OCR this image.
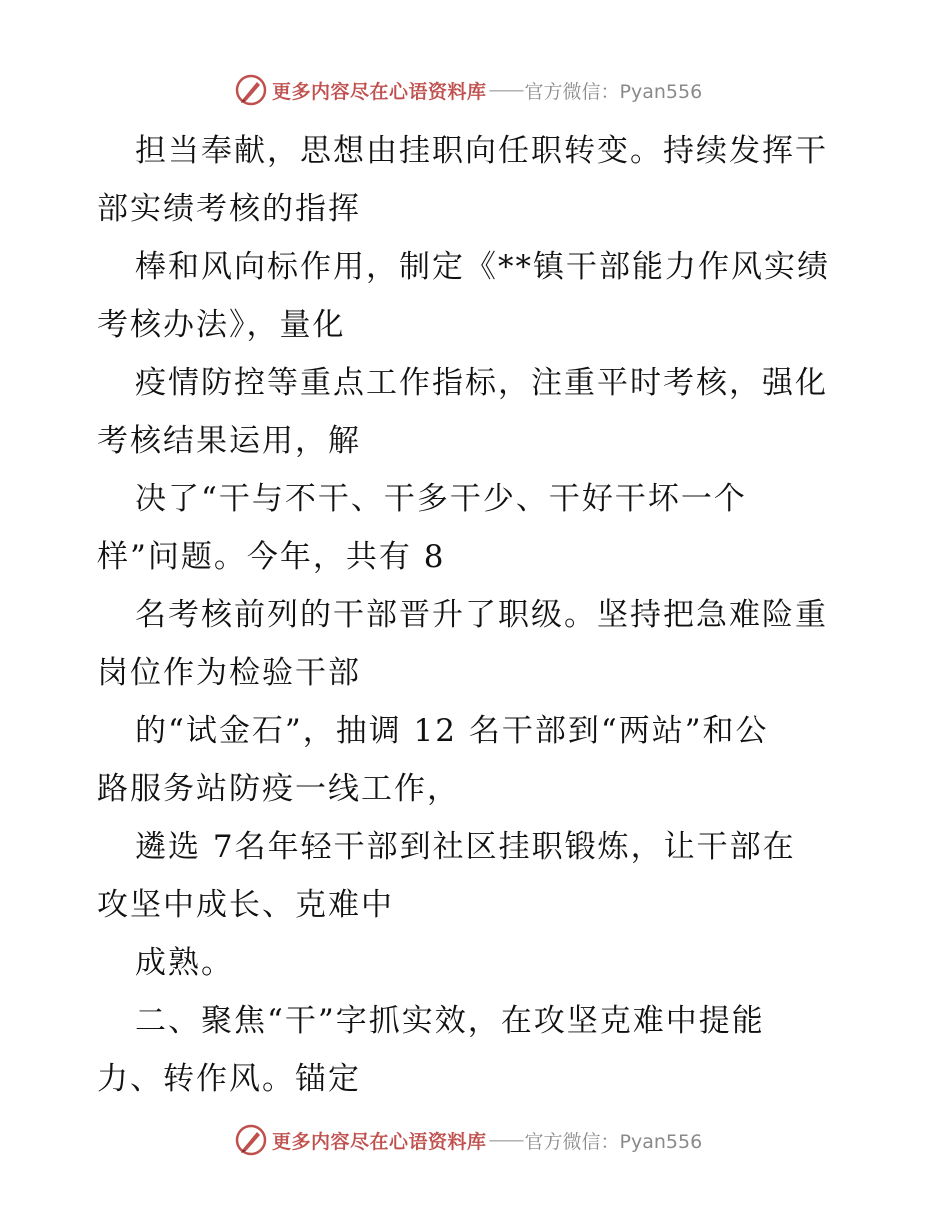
更多内容尽在心语资料库 —— 官方微信：Pyan556
担当奉献，思想由挂职向任职转变。持续发挥干
部实绩考核的指挥
棒和风向标作用，制定《**镇干部能力作风实绩
考核办法》，量化
疫情防控等重点工作指标，注重平时考核，强化
考核结果运用，解
决了“干与不干、干多干少、干好干坏一个
样”问题。今年，共有 8
名考核前列的干部晋升了职级。坚持把急难险重
岗位作为检验干部
的“试金石”，抽调 12 名干部到“两站”和公
路服务站防疫一线工作，
遴选 7名年轻干部到社区挂职锻炼，让干部在
攻坚中成长、克难中
成熟。
二、聚焦“干”字抓实效，在攻坚克难中提能
力、转作风。锚定
更多内容尽在心语资料库 —— 官方微信：Pyan556
